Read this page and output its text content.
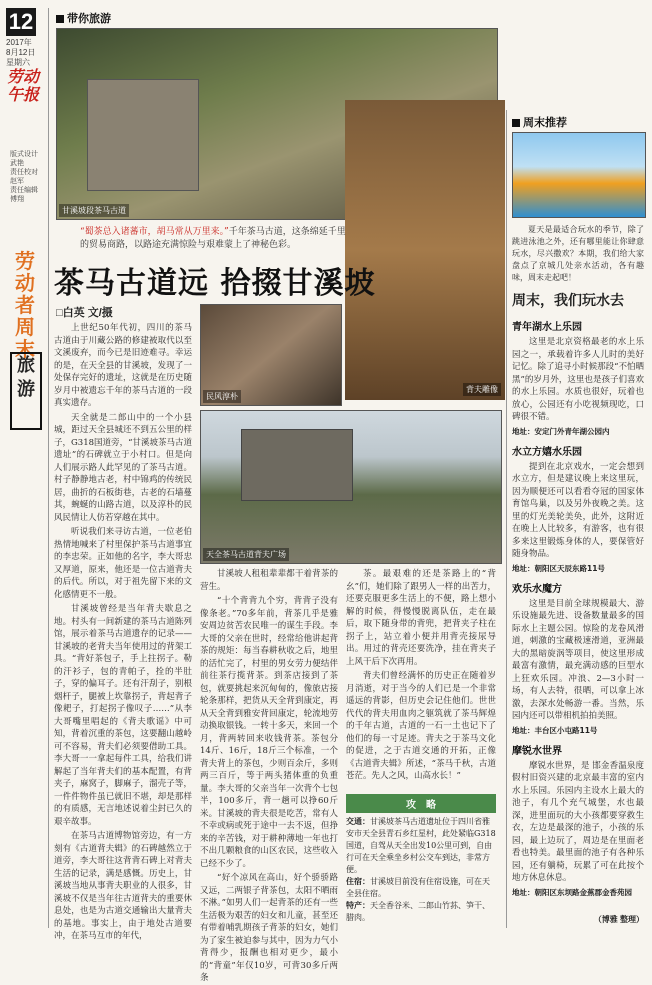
12
2017年
8月12日
星期六
劳动午报
版式设计 武艳
责任校对 赵军
责任编辑 傅翔
劳动者周末
旅游
带你旅游
甘溪坡段茶马古道
背夫雕像
“蜀茶总入诸蕃市，胡马常从万里来。”千年茶马古道，这条绵延千里的贸易商路，以路途充满惊险与艰难蒙上了神秘色彩。
茶马古道远 拾掇甘溪坡
□白英 文/摄
民风淳朴
天全茶马古道背夫广场

上世纪50年代初，四川的茶马古道由于川藏公路的修建被取代以至文溪废弃，而今已是旧迹难寻。幸运的是，在天全县的甘溪坡，发现了一处保存完好的遗址，这就是在历史随岁月中被遗忘千年的茶马古道的一段真实遗存。

天全就是二郎山中的一个小县城，距过天全县城还不到五公里的样子，G318国道旁，“甘溪坡茶马古道遗址”的石碑就立于小村口。但是向人们展示路人此罕见的了茶马古道。村子静静地古老，村中锦鸡的传统民居，曲折的石板街巷，古老的石墙蔓其，蜿蜒的山路古道，以及淳朴的民风民情让人仿若穿越在其中。

听说我们来寻访古道，一位老伯热情地喊来了村里保护茶马古道事宜的李忠荣。正如他的名字，李大哥忠又厚道，原来，他还是一位古道背夫的后代。所以，对于祖先留下来的文化感情更不一般。

甘溪坡曾经是当年背夫歇息之地。村头有一间新建的茶马古道陈列馆，展示着茶马古道遗存的记录——甘溪坡的老背夫当年使用过的背架工具。“背好茶包子，手上拄拐子。勒的汗衫子，包的青帕子，拴的半肚子，穿的偏耳子。还有汗刮子，别根烟杆子，腿被上坎靠拐子，背起背子像耙子，打起拐子像叹子……”从李大哥嘴里唱起的《背夫歌谣》中可知，背着沉重的茶包，这要翻山越岭可不容易，背夫们必须要借助工具。李大哥一一拿起每件工具，给我们讲解起了当年背夫们的基本配置，有背夹子，麻窝子，脚麻子，溜壳子等，一件件物件虽已就旧不堪，却是那样的有质感，无言地述说着尘封已久的艰辛故事。

在茶马古道博物馆旁边，有一方刻有《古道背夫辑》的石碑越然立于道旁，李大哥往这背背石碑上对背夫生活的记录，满是感慨。历史上，甘溪坡当地从事背夫职业的人很多，甘溪坡不仅是当年往古道背夫的重要休息处，也是为古道交通输出大量背夫的基地。事实上，由于地处古道要冲，在茶马互市的年代，

甘溪坡人租租辈辈都干着背茶的营生。

“十个背背九个穷，背背子没有像条老。”70多年前，背茶几乎是雅安周边贫苦农民唯一的谋生手段。李大哥的父亲在世时，经常给他讲起背茶的规矩：每当春耕秋收之后，地里的活忙完了，村里的男女劳力便结伴前往茶行揽背茶。到茶店接到了茶包，就要挑起来沉甸甸的，像旅店接轮条那样，把货从天全背到康定，再从天全背到雅安背回康定，轮流地劳动换取银钱。一转十多天，来回一个月，背两转回来收钱背茶。茶包分14斤、16斤，18斤三个标准，一个背夫背上的茶包，少则百余斤，多则两三百斤，等于两头猪体重的负重量。李大哥的父亲当年一次背个七包半，100多斤，背一趟可以挣60斤米。甘溪坡的背夫很是吃苦，常有人不幸或病或死于途中一去不返，但挣来的辛苦钱，对于耕种薄地一年也打不出几颗粮食的山区农民，这些收入已经不少了。

“好个凉风在高山，好个骄骄路又远，二两银子背茶包，太阳不晒雨不淋。”如男人们一起背茶的还有一些生活极为艰苦的妇女和儿童，甚至还有带着哺乳期孩子背茶的妇女，她们为了家生被迫参与其中，因为力气小背得少，报酬也相对更少，最小的“背童”年仅10岁，可背30多斤两条

茶。最艰难的还是茶路上的“背幺”们，她们除了跟男人一样的出苦力，还要克服更多生活上的不便，路上想小解的时候，得慢慢脱离队伍，走在最后，取下随身带的背兜，把背夹子柱在拐子上，站立着小便并用背壳接尿导出。用过的背壳还要洗净，挂在背夹子上风干后下次再用。

背夫们曾经满怀的历史正在随着岁月消逝，对于当今的人们已是一个非常遥远的背影，但历史会记住他们。世世代代的背夫用血肉之躯筑就了茶马辉煌的千年古道，古道的一石一土也记下了他们的每一寸足迹。背夫之于茶马文化的促进，之于古道交通的开拓，正像《古道背夫辑》所述，“茶马千秋，古道苍茫。先人之风，山高水长！”

攻　略
交通：甘溪坡茶马古道遗址位于四川省雅安市天全县青石乡红星村，此处紧临G318国道，自驾从天全出发10公里可到，自由行可在天全乘坐乡村公交车到达，非常方便。
住宿：甘溪坡目前没有住宿设施，可在天全县住宿。
特产：天全香谷米、二郎山竹荪、笋干、腊肉。
周末推荐

夏天是最适合玩水的季节，除了跳进泳池之外，还有哪里能让你肆意玩水，尽兴撒欢？本期，我们给大家盘点了京城几处亲水活动，各有趣味，周末走起吧！

周末，我们玩水去
青年湖水上乐园

这里是北京资格最老的水上乐园之一，承载着许多人儿时的美好记忆。除了追寻小时候那段“不怕晒黑”的岁月外，这里也是孩子们喜欢的水上乐园。水质也很好，玩着也放心，公园还有小吃视频现吃，口碑很不错。

地址：安定门外青年湖公园内
水立方嬉水乐园

提到在北京戏水，一定会想到水立方，但是建议晚上来这里玩，因为顺便还可以看看夺冠的国家体育馆鸟巢，以及另外夜晚之美。这里的灯光美轮美奂，此外，这附近在晚上人比较多，有游客，也有很多来这里锻炼身体的人，要保管好随身物品。

地址：朝阳区天辰东路11号
欢乐水魔方

这里是目前全球规模最大、游乐设施最先进、设备数量最多的国际水上主题公园。惊险的龙卷风滑道，刺激的宝藏极速滑道，亚洲最大的黑暗旋涡等项目，使这里形成最富有激情，最充满动感的巨型水上狂欢乐园。冲浪、2—3小时一场，有人去特，很晒，可以拿上冰激，去深水处畅游一番。当然，乐园内还可以带相机拍拍美照。

地址：丰台区小屯路11号
摩锐水世界

摩锐水世界，是 邯金香温泉度假村旧资兴建的北京最丰富的室内水上乐园。乐园内主设水上最大的池子，有几个充气城堡，水也最深，进里面玩的大小孩都要穿救生衣，左边是最深的池子，小孩的乐园，最上边玩了，周边是在里面老看也特美。最里面的池子有各种乐园，还有躺椅，玩累了可在此按个地方休息休息。

地址：朝阳区东坝路金蕉郡金香苑园
（博雅 整理）
